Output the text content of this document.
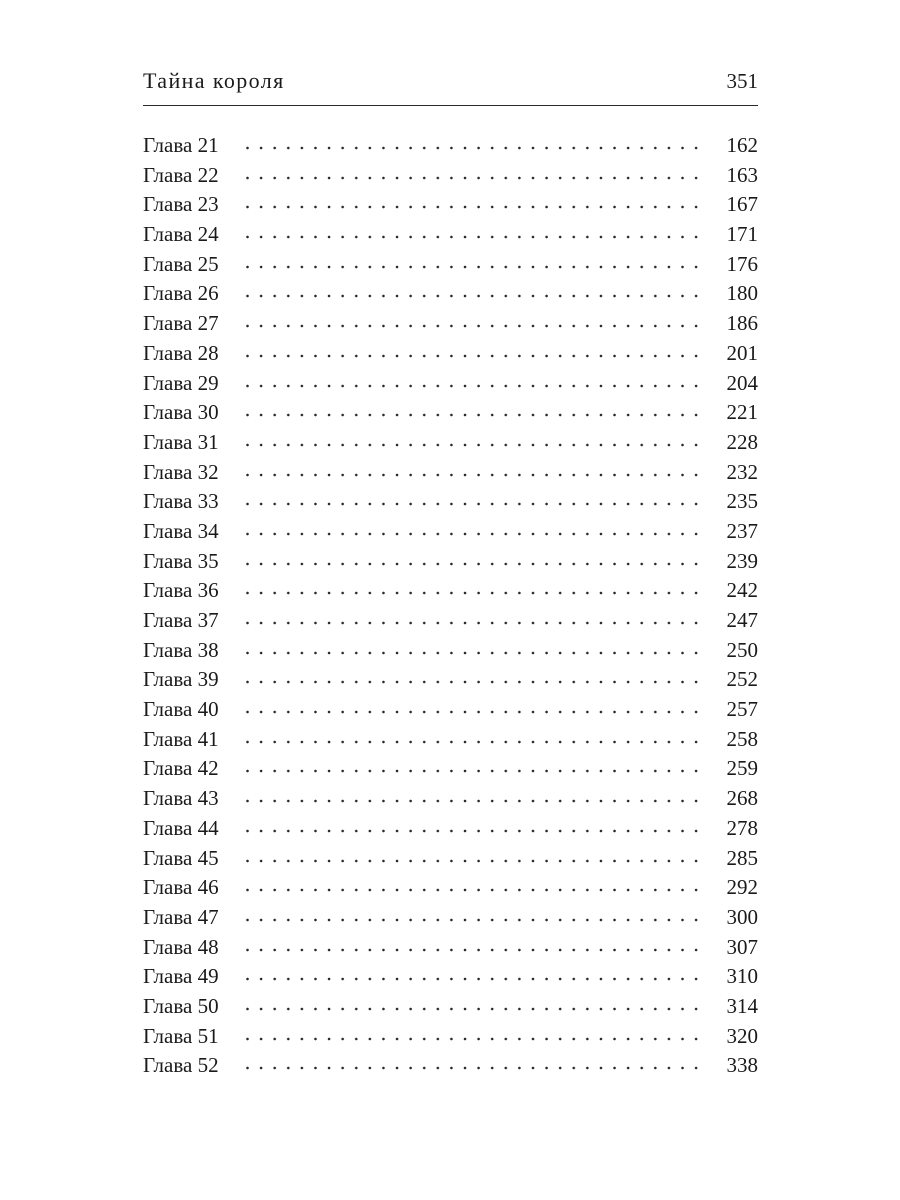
Тайна короля	351
Глава 21	162
Глава 22	163
Глава 23	167
Глава 24	171
Глава 25	176
Глава 26	180
Глава 27	186
Глава 28	201
Глава 29	204
Глава 30	221
Глава 31	228
Глава 32	232
Глава 33	235
Глава 34	237
Глава 35	239
Глава 36	242
Глава 37	247
Глава 38	250
Глава 39	252
Глава 40	257
Глава 41	258
Глава 42	259
Глава 43	268
Глава 44	278
Глава 45	285
Глава 46	292
Глава 47	300
Глава 48	307
Глава 49	310
Глава 50	314
Глава 51	320
Глава 52	338
